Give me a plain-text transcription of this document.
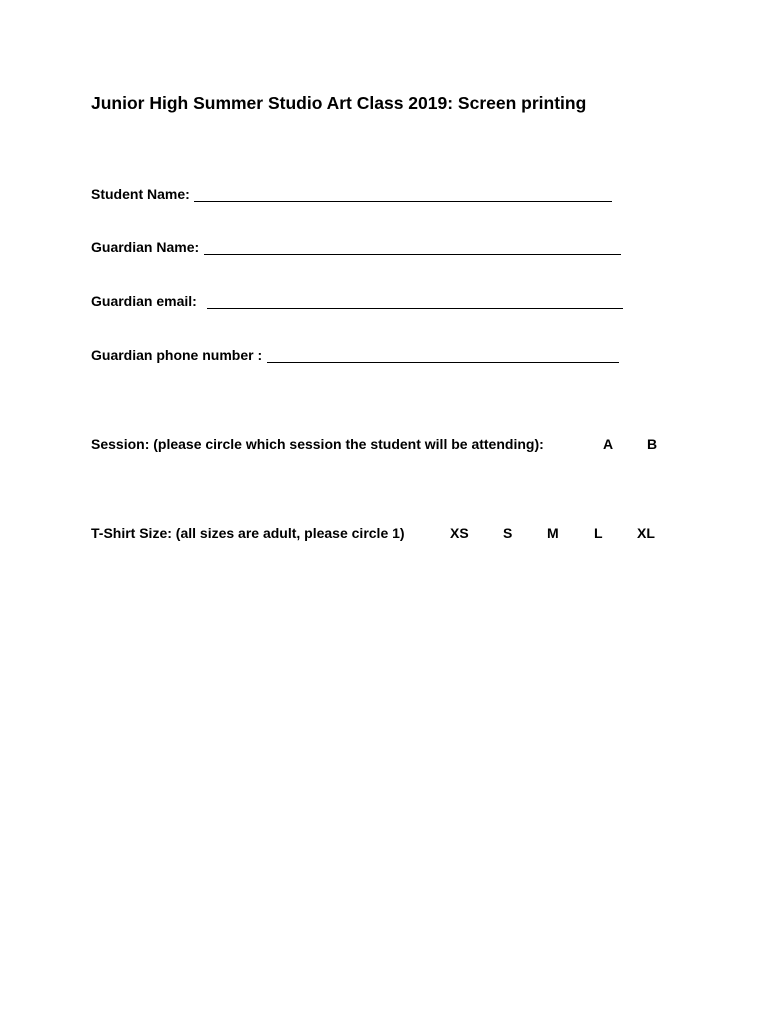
Junior High Summer Studio Art Class 2019: Screen printing
Student Name:
Guardian Name:
Guardian email:
Guardian phone number :
Session: (please circle which session the student will be attending):	A B
T-Shirt Size: (all sizes are adult, please circle 1)	XS S M	L XL
